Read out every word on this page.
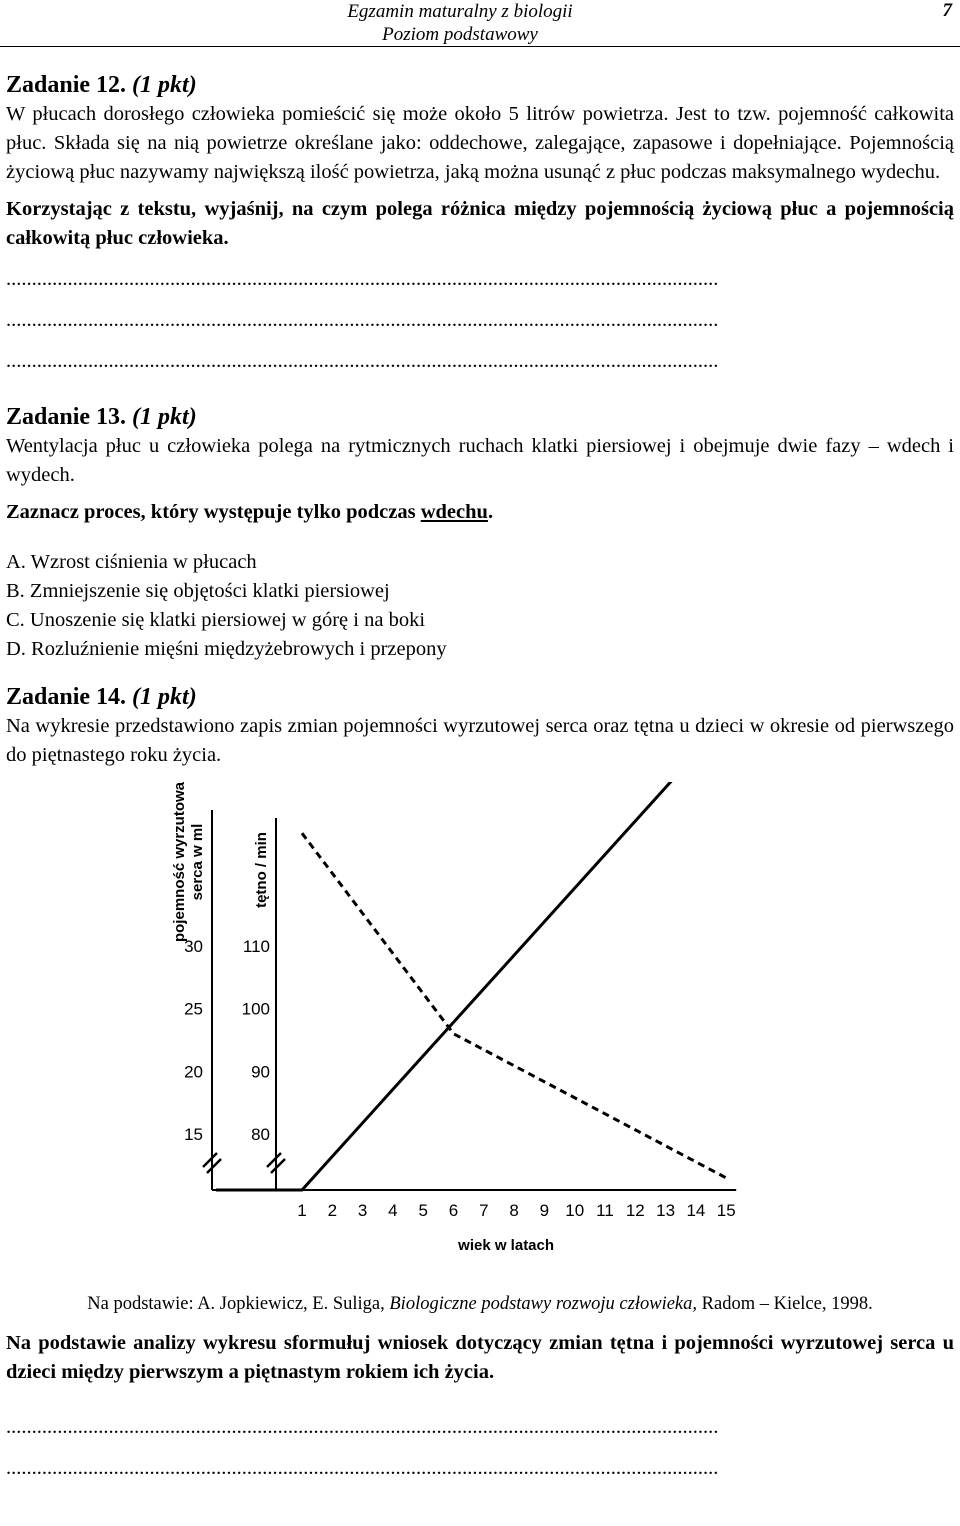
Egzamin maturalny z biologii
Poziom podstawowy
7
Zadanie 12. (1 pkt)

W płucach dorosłego człowieka pomieścić się może około 5 litrów powietrza. Jest to tzw. pojemność całkowita płuc. Składa się na nią powietrze określane jako: oddechowe, zalegające, zapasowe i dopełniające. Pojemnością życiową płuc nazywamy największą ilość powietrza, jaką można usunąć z płuc podczas maksymalnego wydechu.

Korzystając z tekstu, wyjaśnij, na czym polega różnica między pojemnością życiową płuc a pojemnością całkowitą płuc człowieka.

...........................................................................................................................................
...........................................................................................................................................
...........................................................................................................................................
Zadanie 13. (1 pkt)

Wentylacja płuc u człowieka polega na rytmicznych ruchach klatki piersiowej i obejmuje dwie fazy – wdech i wydech.

Zaznacz proces, który występuje tylko podczas wdechu.

A. Wzrost ciśnienia w płucach
B. Zmniejszenie się objętości klatki piersiowej
C. Unoszenie się klatki piersiowej w górę i na boki
D. Rozluźnienie mięśni międzyżebrowych i przepony
Zadanie 14. (1 pkt)

Na wykresie przedstawiono zapis zmian pojemności wyrzutowej serca oraz tętna u dzieci w okresie od pierwszego do piętnastego roku życia.

15
20
25
30
80
90
100
110
1 2 3 4 5 6 7 8 9 10 11 12 13 14 15
wiek w latach
pojemność wyrzutowa serca w ml	tętno / min
Na podstawie: A. Jopkiewicz, E. Suliga, Biologiczne podstawy rozwoju człowieka, Radom – Kielce, 1998.

Na podstawie analizy wykresu sformułuj wniosek dotyczący zmian tętna i pojemności wyrzutowej serca u dzieci między pierwszym a piętnastym rokiem ich życia.

...........................................................................................................................................
...........................................................................................................................................
